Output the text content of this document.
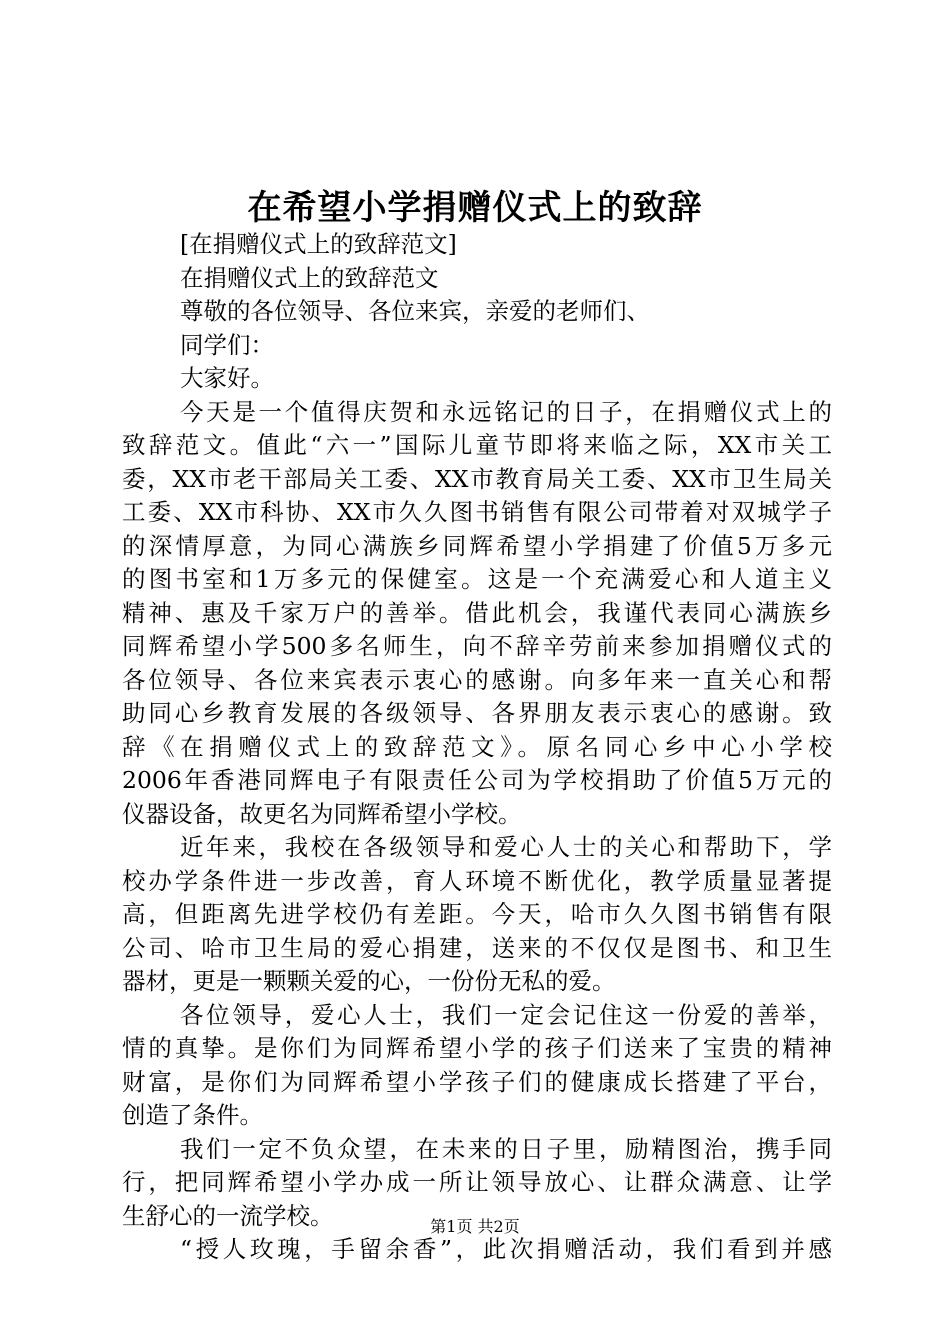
在希望小学捐赠仪式上的致辞
[在捐赠仪式上的致辞范文]
在捐赠仪式上的致辞范文
尊敬的各位领导、各位来宾，亲爱的老师们、
同学们：
大家好。
今天是一个值得庆贺和永远铭记的日子，在捐赠仪式上的
致辞范文。值此“六一”国际儿童节即将来临之际，XX市关工
委，XX市老干部局关工委、XX市教育局关工委、XX市卫生局关
工委、XX市科协、XX市久久图书销售有限公司带着对双城学子
的深情厚意，为同心满族乡同辉希望小学捐建了价值5万多元
的图书室和1万多元的保健室。这是一个充满爱心和人道主义
精神、惠及千家万户的善举。借此机会，我谨代表同心满族乡
同辉希望小学500多名师生，向不辞辛劳前来参加捐赠仪式的
各位领导、各位来宾表示衷心的感谢。向多年来一直关心和帮
助同心乡教育发展的各级领导、各界朋友表示衷心的感谢。致
辞《在捐赠仪式上的致辞范文》。原名同心乡中心小学校
2006年香港同辉电子有限责任公司为学校捐助了价值5万元的
仪器设备，故更名为同辉希望小学校。
近年来，我校在各级领导和爱心人士的关心和帮助下，学
校办学条件进一步改善，育人环境不断优化，教学质量显著提
高，但距离先进学校仍有差距。今天，哈市久久图书销售有限
公司、哈市卫生局的爱心捐建，送来的不仅仅是图书、和卫生
器材，更是一颗颗关爱的心，一份份无私的爱。
各位领导，爱心人士，我们一定会记住这一份爱的善举，
情的真挚。是你们为同辉希望小学的孩子们送来了宝贵的精神
财富，是你们为同辉希望小学孩子们的健康成长搭建了平台，
创造了条件。
我们一定不负众望，在未来的日子里，励精图治，携手同
行，把同辉希望小学办成一所让领导放心、让群众满意、让学
生舒心的一流学校。
“授人玫瑰，手留余香”，此次捐赠活动，我们看到并感
第1页 共2页
